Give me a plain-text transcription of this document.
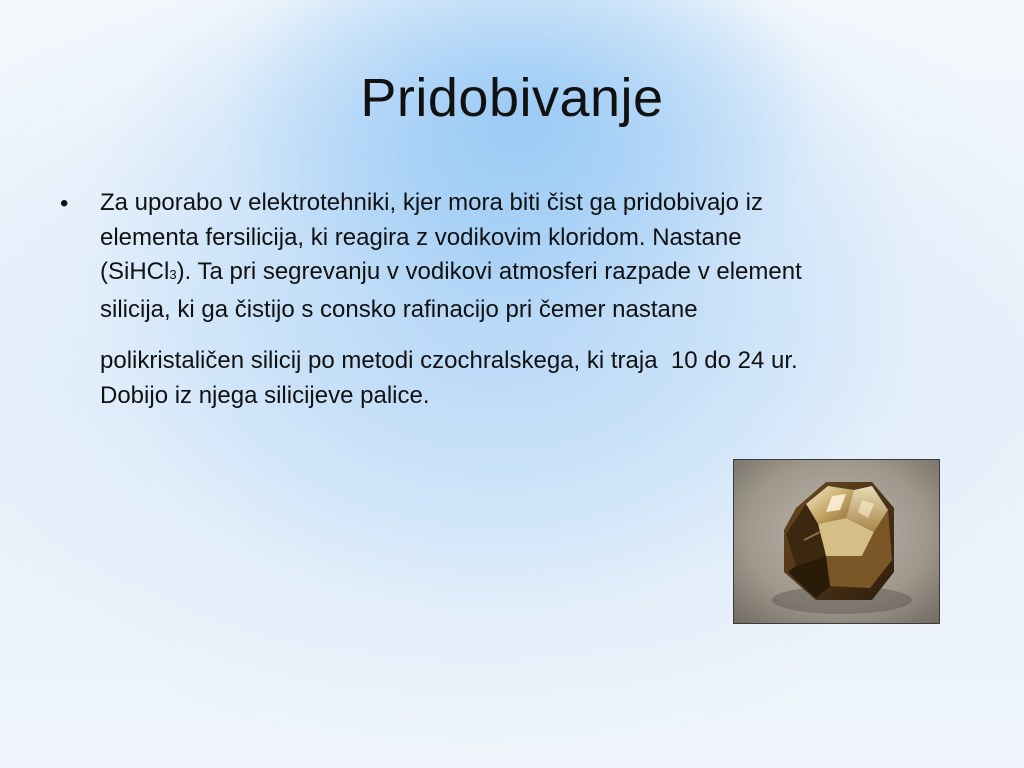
Pridobivanje
• Za uporabo v elektrotehniki, kjer mora biti čist ga pridobivajo iz
elementa fersilicija, ki reagira z vodikovim kloridom. Nastane
(SiHCl3). Ta pri segrevanju v vodikovi atmosferi razpade v element
silicija, ki ga čistijo s consko rafinacijo pri čemer nastane
polikristaličen silicij po metodi czochralskega, ki traja  10 do 24 ur.
Dobijo iz njega silicijeve palice.
